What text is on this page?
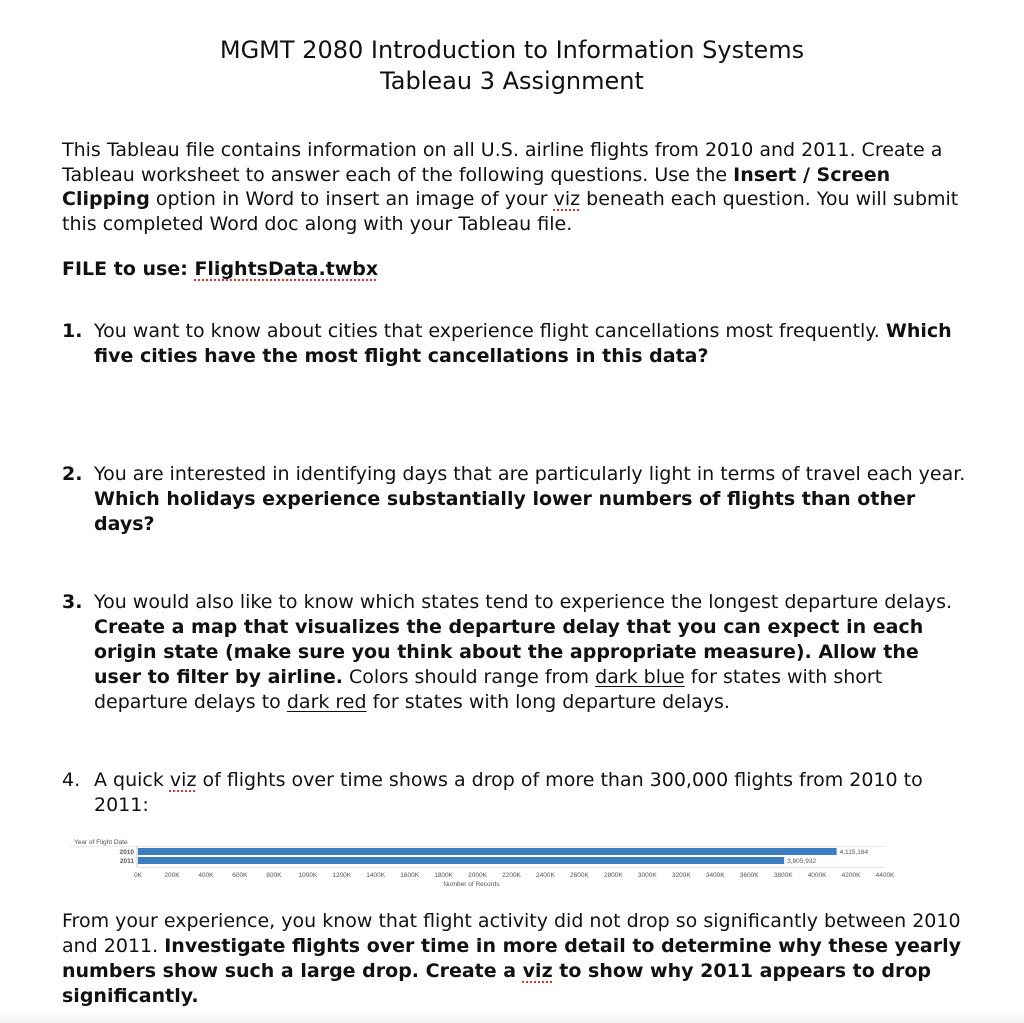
MGMT 2080 Introduction to Information Systems
Tableau 3 Assignment
This Tableau file contains information on all U.S. airline flights from 2010 and 2011. Create a Tableau worksheet to answer each of the following questions. Use the Insert / Screen Clipping option in Word to insert an image of your viz beneath each question. You will submit this completed Word doc along with your Tableau file.
FILE to use: FlightsData.twbx
1. You want to know about cities that experience flight cancellations most frequently. Which five cities have the most flight cancellations in this data?
2. You are interested in identifying days that are particularly light in terms of travel each year. Which holidays experience substantially lower numbers of flights than other days?
3. You would also like to know which states tend to experience the longest departure delays. Create a map that visualizes the departure delay that you can expect in each origin state (make sure you think about the appropriate measure). Allow the user to filter by airline. Colors should range from dark blue for states with short departure delays to dark red for states with long departure delays.
4. A quick viz of flights over time shows a drop of more than 300,000 flights from 2010 to 2011:
Year of Flight Date
2010	4,115,164
2011	3,805,932
0K	200K	400K	600K	800K	1000K 1200K 1400K 1600K 1800K 2000K 2200K 2400K 2600K 2800K 3000K 3200K 3400K 3600K 3800K 4000K 4200K 4400K
Number of Records
From your experience, you know that flight activity did not drop so significantly between 2010 and 2011. Investigate flights over time in more detail to determine why these yearly numbers show such a large drop. Create a viz to show why 2011 appears to drop significantly.
